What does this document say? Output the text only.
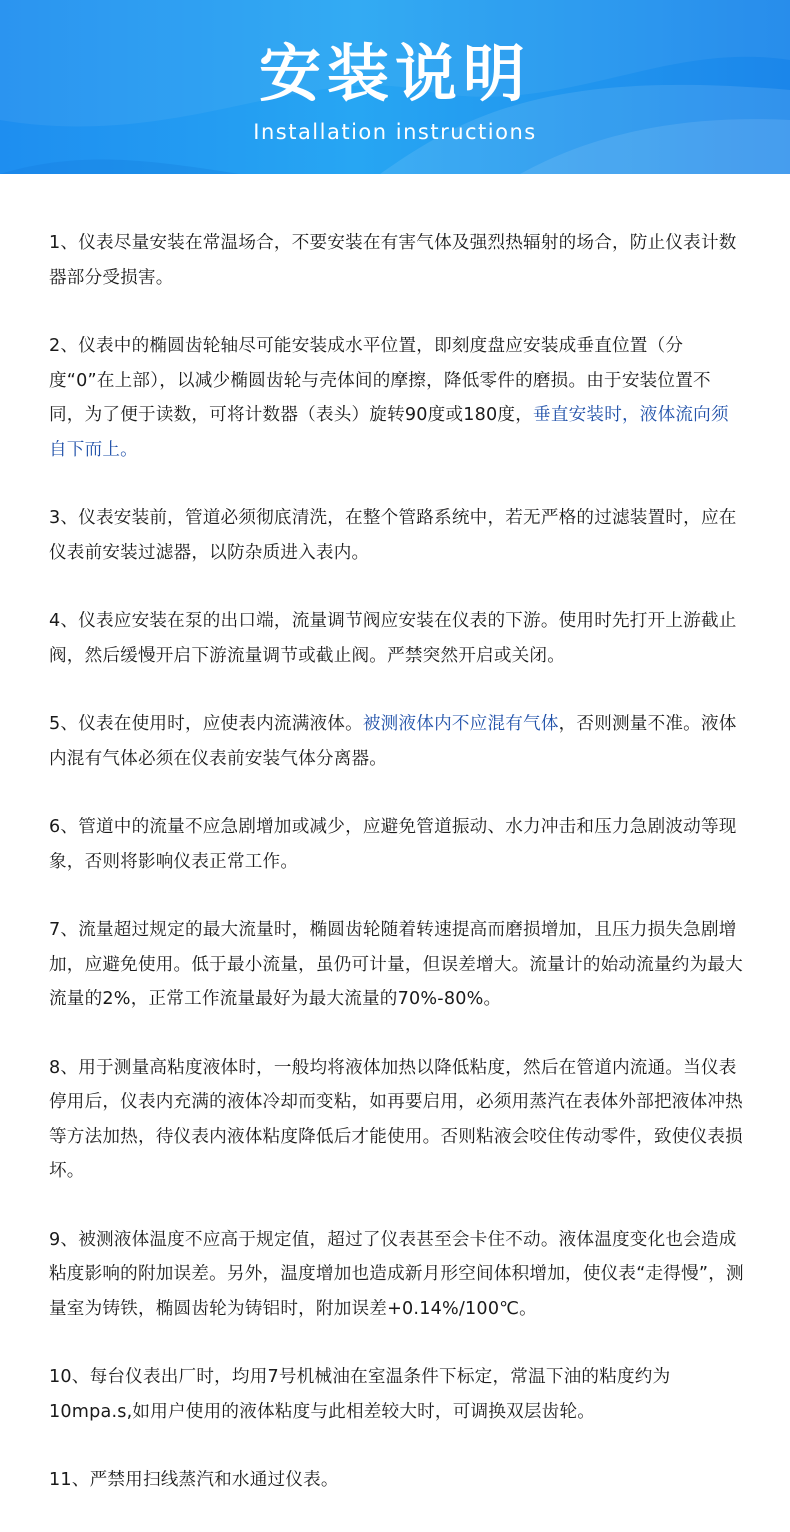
安装说明
Installation instructions
1、仪表尽量安装在常温场合，不要安装在有害气体及强烈热辐射的场合，防止仪表计数器部分受损害。
2、仪表中的椭圆齿轮轴尽可能安装成水平位置，即刻度盘应安装成垂直位置（分度“0”在上部），以减少椭圆齿轮与壳体间的摩擦，降低零件的磨损。由于安装位置不同，为了便于读数，可将计数器（表头）旋转90度或180度，垂直安装时，液体流向须自下而上。
3、仪表安装前，管道必须彻底清洗，在整个管路系统中，若无严格的过滤装置时，应在仪表前安装过滤器，以防杂质进入表内。
4、仪表应安装在泵的出口端，流量调节阀应安装在仪表的下游。使用时先打开上游截止阀，然后缓慢开启下游流量调节或截止阀。严禁突然开启或关闭。
5、仪表在使用时，应使表内流满液体。被测液体内不应混有气体，否则测量不准。液体内混有气体必须在仪表前安装气体分离器。
6、管道中的流量不应急剧增加或减少，应避免管道振动、水力冲击和压力急剧波动等现象，否则将影响仪表正常工作。
7、流量超过规定的最大流量时，椭圆齿轮随着转速提高而磨损增加，且压力损失急剧增加，应避免使用。低于最小流量，虽仍可计量，但误差增大。流量计的始动流量约为最大流量的2%，正常工作流量最好为最大流量的70%-80%。
8、用于测量高粘度液体时，一般均将液体加热以降低粘度，然后在管道内流通。当仪表停用后，仪表内充满的液体冷却而变粘，如再要启用，必须用蒸汽在表体外部把液体冲热等方法加热，待仪表内液体粘度降低后才能使用。否则粘液会咬住传动零件，致使仪表损坏。
9、被测液体温度不应高于规定值，超过了仪表甚至会卡住不动。液体温度变化也会造成粘度影响的附加误差。另外，温度增加也造成新月形空间体积增加，使仪表“走得慢”，测量室为铸铁，椭圆齿轮为铸铝时，附加误差+0.14%/100℃。
10、每台仪表出厂时，均用7号机械油在室温条件下标定，常温下油的粘度约为10mpa.s,如用户使用的液体粘度与此相差较大时，可调换双层齿轮。
11、严禁用扫线蒸汽和水通过仪表。
